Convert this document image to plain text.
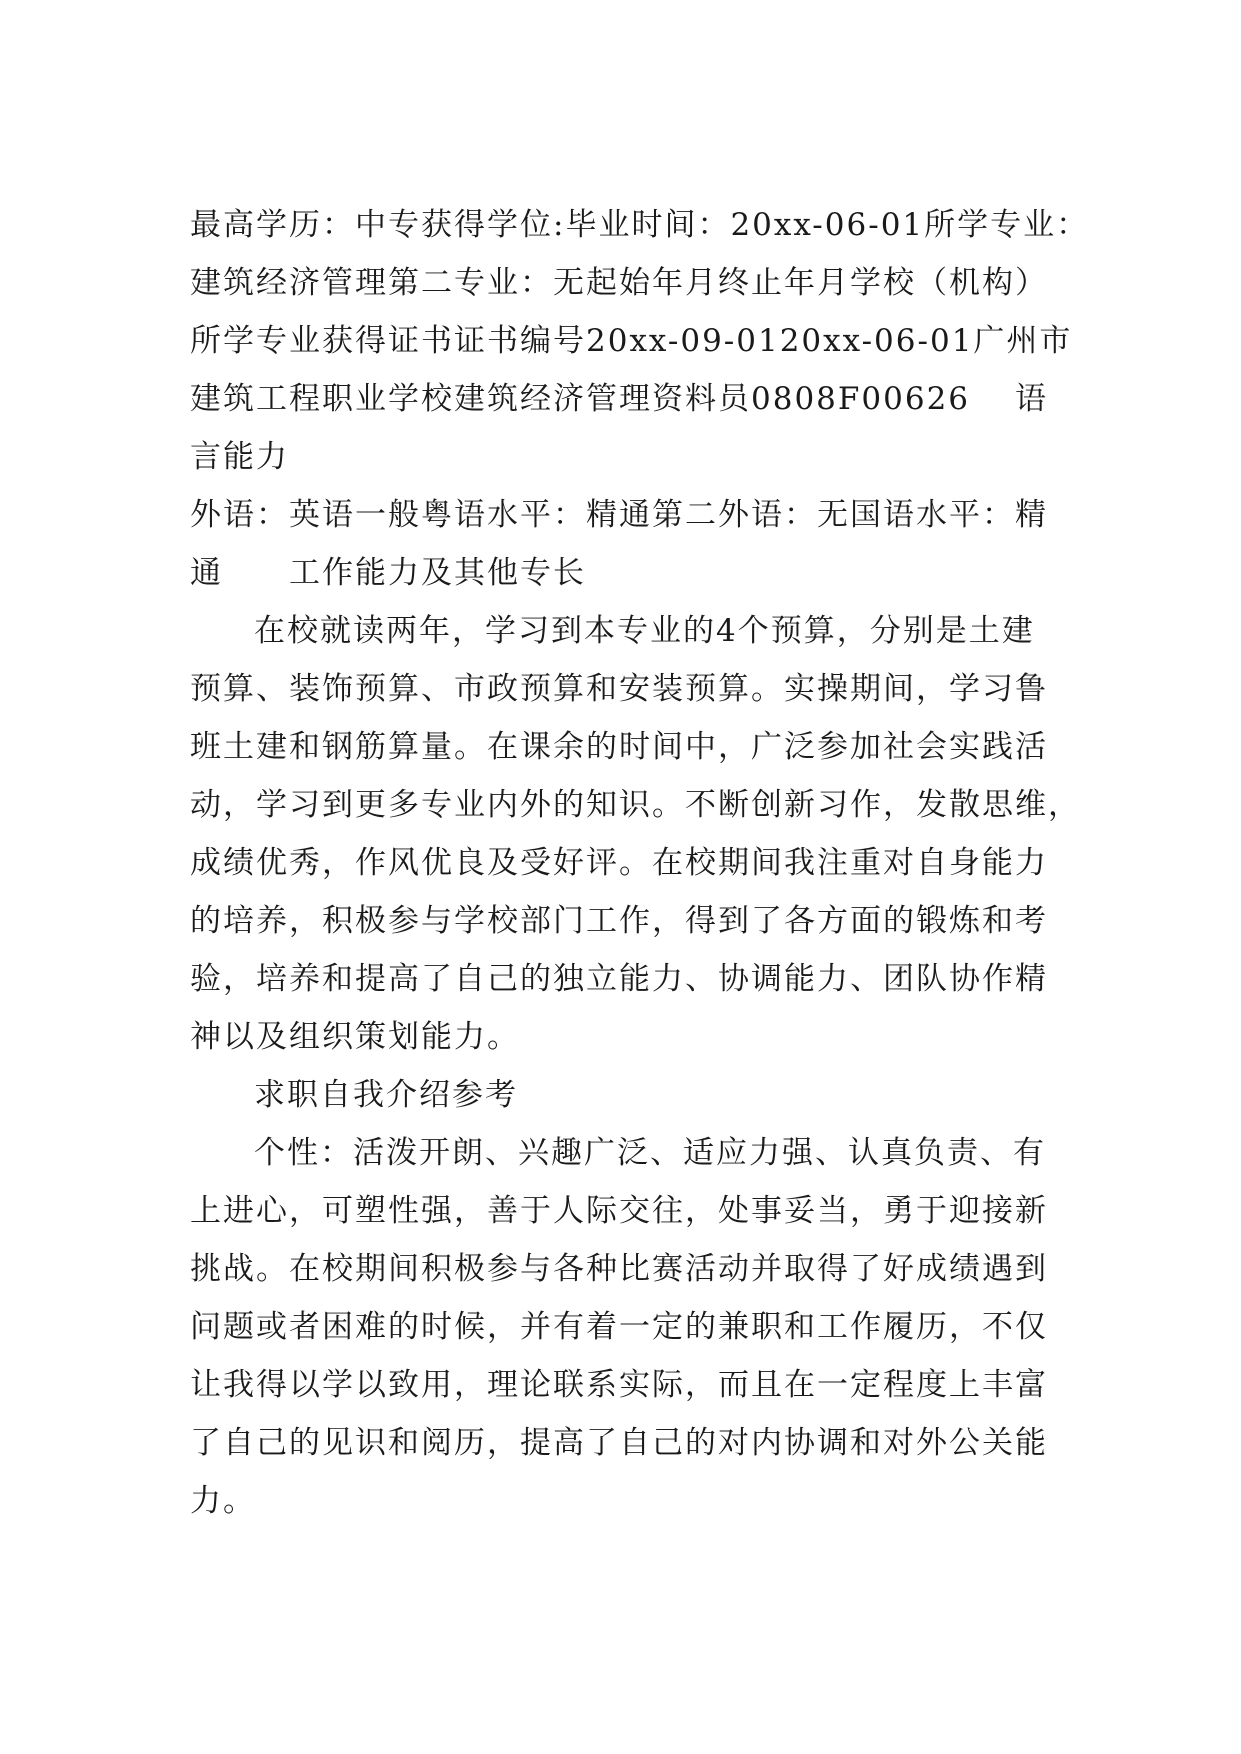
最高学历：中专获得学位:毕业时间：20xx-06-01所学专业：
建筑经济管理第二专业：无起始年月终止年月学校（机构）
所学专业获得证书证书编号20xx-09-0120xx-06-01广州市
建筑工程职业学校建筑经济管理资料员0808F00626 语
言能力
外语：英语一般粤语水平：精通第二外语：无国语水平：精
通 工作能力及其他专长
在校就读两年，学习到本专业的4个预算，分别是土建
预算、装饰预算、市政预算和安装预算。实操期间，学习鲁
班土建和钢筋算量。在课余的时间中，广泛参加社会实践活
动，学习到更多专业内外的知识。不断创新习作，发散思维，
成绩优秀，作风优良及受好评。在校期间我注重对自身能力
的培养，积极参与学校部门工作，得到了各方面的锻炼和考
验，培养和提高了自己的独立能力、协调能力、团队协作精
神以及组织策划能力。
求职自我介绍参考
个性：活泼开朗、兴趣广泛、适应力强、认真负责、有
上进心，可塑性强，善于人际交往，处事妥当，勇于迎接新
挑战。在校期间积极参与各种比赛活动并取得了好成绩遇到
问题或者困难的时候，并有着一定的兼职和工作履历，不仅
让我得以学以致用，理论联系实际，而且在一定程度上丰富
了自己的见识和阅历，提高了自己的对内协调和对外公关能
力。
